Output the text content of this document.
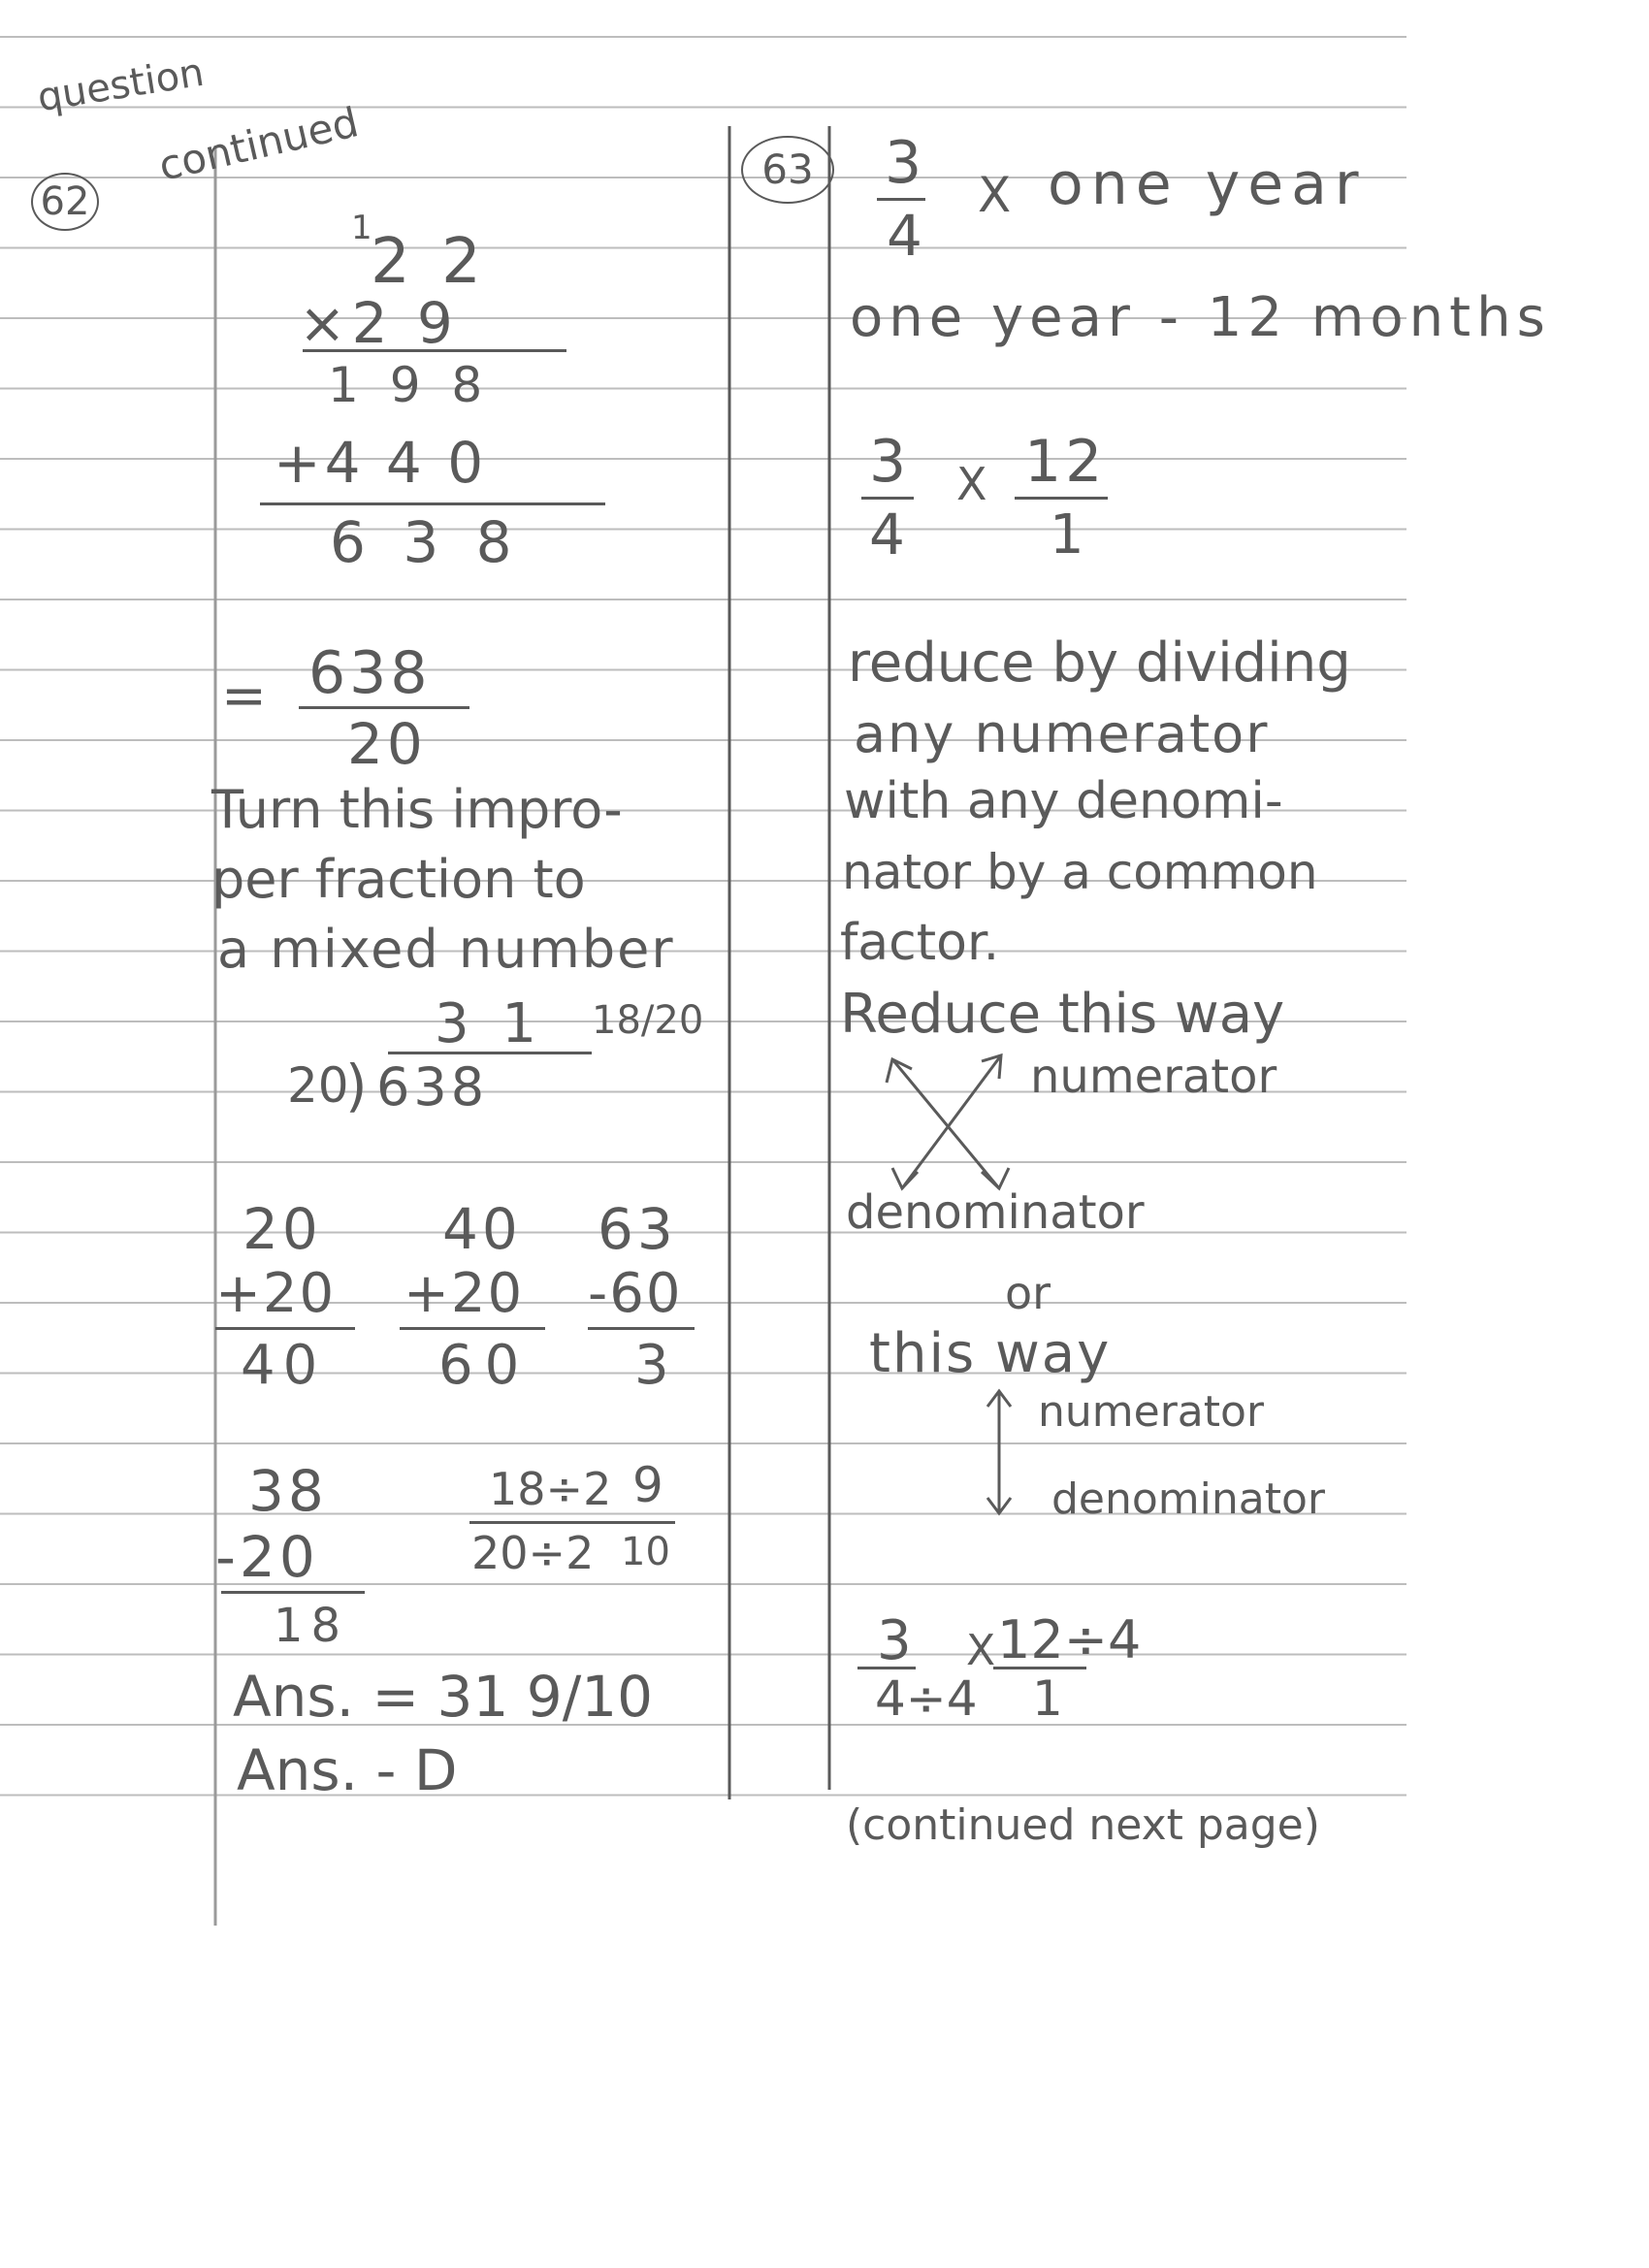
question
62
continued
1
2 2
×2 9
1 9 8
+4 4 0
6 3 8
= 638
20
Turn this impro-
per fraction to
a mixed number
3 1 18/20
20
) 638
20
+20
40
40
+20
60
63
-60
3
38
-20
18
18÷2 9
20÷2 10
Ans. = 31 9/10
Ans. - D
63 3
4
X one year
one year - 12 months
3
4
X 12
1
reduce by dividing
any numerator
with any denomi-
nator by a common
factor.
Reduce this way
numerator
denominator
or
this way
numerator
denominator
3
4÷4
X 12÷4
1
(continued next page)
